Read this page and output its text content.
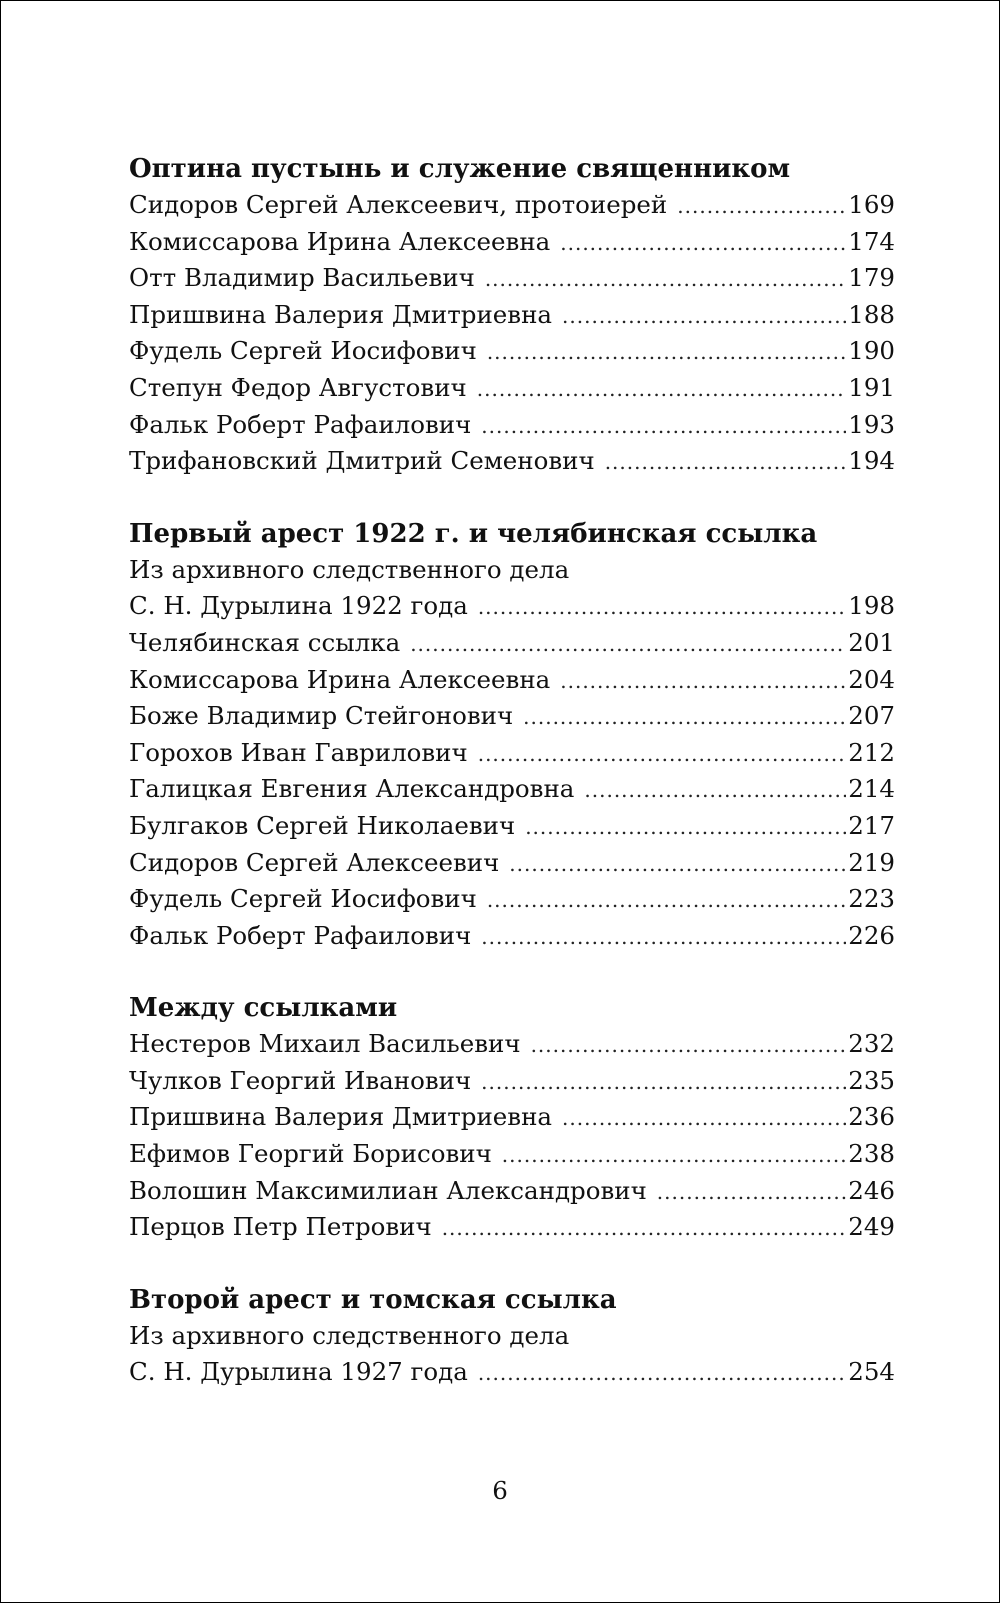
Оптина пустынь и служение священником
Сидоров Сергей Алексеевич, протоиерей .....	169
Комиссарова Ирина Алексеевна .....	174
Отт Владимир Васильевич .....	179
Пришвина Валерия Дмитриевна .....	188
Фудель Сергей Иосифович .....	190
Степун Федор Августович .....	191
Фальк Роберт Рафаилович .....	193
Трифановский Дмитрий Семенович .....	194
Первый арест 1922 г. и челябинская ссылка
Из архивного следственного дела
С. Н. Дурылина 1922 года .....	198
Челябинская ссылка .....	201
Комиссарова Ирина Алексеевна .....	204
Боже Владимир Стейгонович .....	207
Горохов Иван Гаврилович .....	212
Галицкая Евгения Александровна .....	214
Булгаков Сергей Николаевич .....	217
Сидоров Сергей Алексеевич .....	219
Фудель Сергей Иосифович .....	223
Фальк Роберт Рафаилович .....	226
Между ссылками
Нестеров Михаил Васильевич .....	232
Чулков Георгий Иванович .....	235
Пришвина Валерия Дмитриевна .....	236
Ефимов Георгий Борисович .....	238
Волошин Максимилиан Александрович .....	246
Перцов Петр Петрович .....	249
Второй арест и томская ссылка
Из архивного следственного дела
С. Н. Дурылина 1927 года .....	254
6
